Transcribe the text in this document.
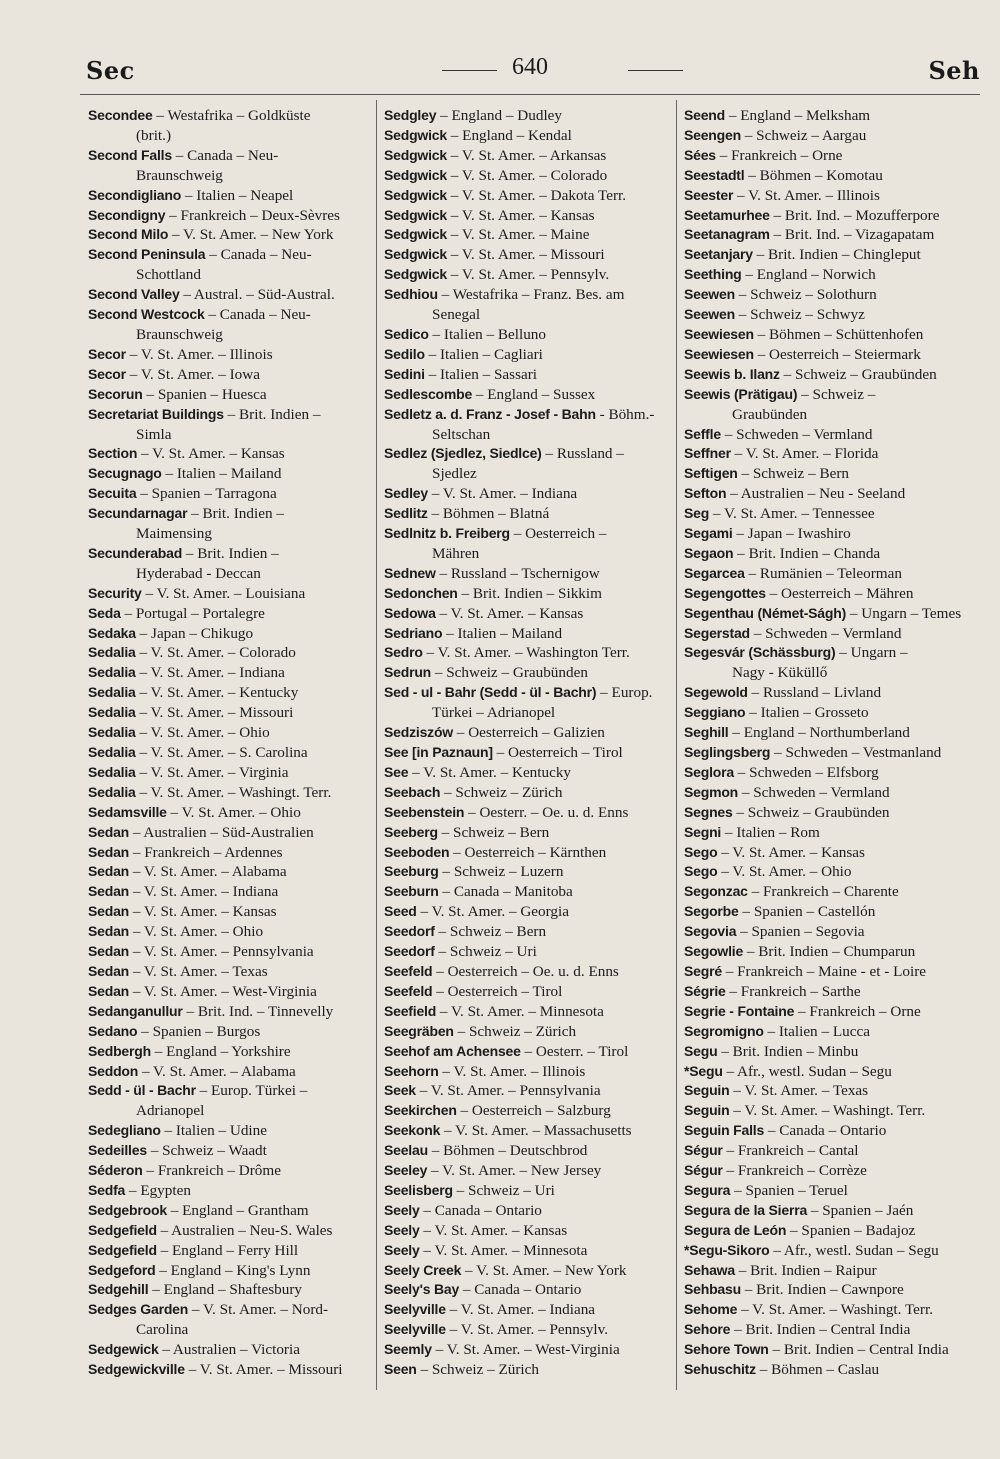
Sec	640	Seh
Secondee – Westafrika – Goldküste
(brit.)
Second Falls – Canada – Neu-
Braunschweig
Secondigliano – Italien – Neapel
Secondigny – Frankreich – Deux-Sèvres
Second Milo – V. St. Amer. – New York
Second Peninsula – Canada – Neu-
Schottland
Second Valley – Austral. – Süd-Austral.
Second Westcock – Canada – Neu-
Braunschweig
Secor – V. St. Amer. – Illinois
Secor – V. St. Amer. – Iowa
Secorun – Spanien – Huesca
Secretariat Buildings – Brit. Indien –
Simla
Section – V. St. Amer. – Kansas
Secugnago – Italien – Mailand
Secuita – Spanien – Tarragona
Secundarnagar – Brit. Indien –
Maimensing
Secunderabad – Brit. Indien –
Hyderabad - Deccan
Security – V. St. Amer. – Louisiana
Seda – Portugal – Portalegre
Sedaka – Japan – Chikugo
Sedalia – V. St. Amer. – Colorado
Sedalia – V. St. Amer. – Indiana
Sedalia – V. St. Amer. – Kentucky
Sedalia – V. St. Amer. – Missouri
Sedalia – V. St. Amer. – Ohio
Sedalia – V. St. Amer. – S. Carolina
Sedalia – V. St. Amer. – Virginia
Sedalia – V. St. Amer. – Washingt. Terr.
Sedamsville – V. St. Amer. – Ohio
Sedan – Australien – Süd-Australien
Sedan – Frankreich – Ardennes
Sedan – V. St. Amer. – Alabama
Sedan – V. St. Amer. – Indiana
Sedan – V. St. Amer. – Kansas
Sedan – V. St. Amer. – Ohio
Sedan – V. St. Amer. – Pennsylvania
Sedan – V. St. Amer. – Texas
Sedan – V. St. Amer. – West-Virginia
Sedanganullur – Brit. Ind. – Tinnevelly
Sedano – Spanien – Burgos
Sedbergh – England – Yorkshire
Seddon – V. St. Amer. – Alabama
Sedd - ül - Bachr – Europ. Türkei –
Adrianopel
Sedegliano – Italien – Udine
Sedeilles – Schweiz – Waadt
Séderon – Frankreich – Drôme
Sedfa – Egypten
Sedgebrook – England – Grantham
Sedgefield – Australien – Neu-S. Wales
Sedgefield – England – Ferry Hill
Sedgeford – England – King's Lynn
Sedgehill – England – Shaftesbury
Sedges Garden – V. St. Amer. – Nord-
Carolina
Sedgewick – Australien – Victoria
Sedgewickville – V. St. Amer. – Missouri
Sedgley – England – Dudley
Sedgwick – England – Kendal
Sedgwick – V. St. Amer. – Arkansas
Sedgwick – V. St. Amer. – Colorado
Sedgwick – V. St. Amer. – Dakota Terr.
Sedgwick – V. St. Amer. – Kansas
Sedgwick – V. St. Amer. – Maine
Sedgwick – V. St. Amer. – Missouri
Sedgwick – V. St. Amer. – Pennsylv.
Sedhiou – Westafrika – Franz. Bes. am
Senegal
Sedico – Italien – Belluno
Sedilo – Italien – Cagliari
Sedini – Italien – Sassari
Sedlescombe – England – Sussex
Sedletz a. d. Franz - Josef - Bahn - Böhm.-
Seltschan
Sedlez (Sjedlez, Siedlce) – Russland –
Sjedlez
Sedley – V. St. Amer. – Indiana
Sedlitz – Böhmen – Blatná
Sedlnitz b. Freiberg – Oesterreich –
Mähren
Sednew – Russland – Tschernigow
Sedonchen – Brit. Indien – Sikkim
Sedowa – V. St. Amer. – Kansas
Sedriano – Italien – Mailand
Sedro – V. St. Amer. – Washington Terr.
Sedrun – Schweiz – Graubünden
Sed - ul - Bahr (Sedd - ül - Bachr) – Europ.
Türkei – Adrianopel
Sedziszów – Oesterreich – Galizien
See [in Paznaun] – Oesterreich – Tirol
See – V. St. Amer. – Kentucky
Seebach – Schweiz – Zürich
Seebenstein – Oesterr. – Oe. u. d. Enns
Seeberg – Schweiz – Bern
Seeboden – Oesterreich – Kärnthen
Seeburg – Schweiz – Luzern
Seeburn – Canada – Manitoba
Seed – V. St. Amer. – Georgia
Seedorf – Schweiz – Bern
Seedorf – Schweiz – Uri
Seefeld – Oesterreich – Oe. u. d. Enns
Seefeld – Oesterreich – Tirol
Seefield – V. St. Amer. – Minnesota
Seegräben – Schweiz – Zürich
Seehof am Achensee – Oesterr. – Tirol
Seehorn – V. St. Amer. – Illinois
Seek – V. St. Amer. – Pennsylvania
Seekirchen – Oesterreich – Salzburg
Seekonk – V. St. Amer. – Massachusetts
Seelau – Böhmen – Deutschbrod
Seeley – V. St. Amer. – New Jersey
Seelisberg – Schweiz – Uri
Seely – Canada – Ontario
Seely – V. St. Amer. – Kansas
Seely – V. St. Amer. – Minnesota
Seely Creek – V. St. Amer. – New York
Seely's Bay – Canada – Ontario
Seelyville – V. St. Amer. – Indiana
Seelyville – V. St. Amer. – Pennsylv.
Seemly – V. St. Amer. – West-Virginia
Seen – Schweiz – Zürich
Seend – England – Melksham
Seengen – Schweiz – Aargau
Sées – Frankreich – Orne
Seestadtl – Böhmen – Komotau
Seester – V. St. Amer. – Illinois
Seetamurhee – Brit. Ind. – Mozufferpore
Seetanagram – Brit. Ind. – Vizagapatam
Seetanjary – Brit. Indien – Chingleput
Seething – England – Norwich
Seewen – Schweiz – Solothurn
Seewen – Schweiz – Schwyz
Seewiesen – Böhmen – Schüttenhofen
Seewiesen – Oesterreich – Steiermark
Seewis b. Ilanz – Schweiz – Graubünden
Seewis (Prätigau) – Schweiz –
Graubünden
Seffle – Schweden – Vermland
Seffner – V. St. Amer. – Florida
Seftigen – Schweiz – Bern
Sefton – Australien – Neu - Seeland
Seg – V. St. Amer. – Tennessee
Segami – Japan – Iwashiro
Segaon – Brit. Indien – Chanda
Segarcea – Rumänien – Teleorman
Segengottes – Oesterreich – Mähren
Segenthau (Német-Ságh) – Ungarn – Temes
Segerstad – Schweden – Vermland
Segesvár (Schässburg) – Ungarn –
Nagy - Küküllő
Segewold – Russland – Livland
Seggiano – Italien – Grosseto
Seghill – England – Northumberland
Seglingsberg – Schweden – Vestmanland
Seglora – Schweden – Elfsborg
Segmon – Schweden – Vermland
Segnes – Schweiz – Graubünden
Segni – Italien – Rom
Sego – V. St. Amer. – Kansas
Sego – V. St. Amer. – Ohio
Segonzac – Frankreich – Charente
Segorbe – Spanien – Castellón
Segovia – Spanien – Segovia
Segowlie – Brit. Indien – Chumparun
Segré – Frankreich – Maine - et - Loire
Ségrie – Frankreich – Sarthe
Segrie - Fontaine – Frankreich – Orne
Segromigno – Italien – Lucca
Segu – Brit. Indien – Minbu
*Segu – Afr., westl. Sudan – Segu
Seguin – V. St. Amer. – Texas
Seguin – V. St. Amer. – Washingt. Terr.
Seguin Falls – Canada – Ontario
Ségur – Frankreich – Cantal
Ségur – Frankreich – Corrèze
Segura – Spanien – Teruel
Segura de la Sierra – Spanien – Jaén
Segura de León – Spanien – Badajoz
*Segu-Sikoro – Afr., westl. Sudan – Segu
Sehawa – Brit. Indien – Raipur
Sehbasu – Brit. Indien – Cawnpore
Sehome – V. St. Amer. – Washingt. Terr.
Sehore – Brit. Indien – Central India
Sehore Town – Brit. Indien – Central India
Sehuschitz – Böhmen – Caslau
